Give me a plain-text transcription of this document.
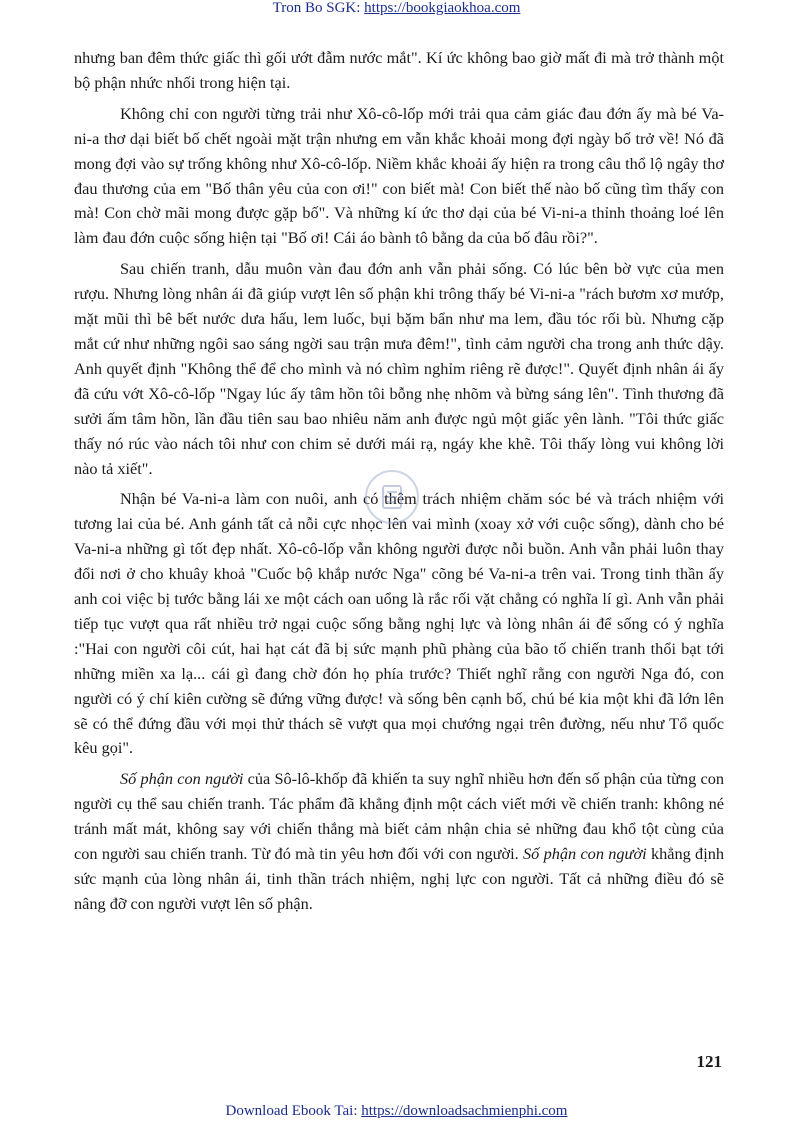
Tron Bo SGK: https://bookgiaokhoa.com

nhưng ban đêm thức giấc thì gối ướt đẫm nước mắt". Kí ức không bao giờ mất đi mà trở thành một bộ phận nhức nhối trong hiện tại.

Không chỉ con người từng trải như Xô-cô-lốp mới trải qua cảm giác đau đớn ấy mà bé Va-ni-a thơ dại biết bố chết ngoài mặt trận nhưng em vẫn khắc khoải mong đợi ngày bố trở về! Nó đã mong đợi vào sự trống không như Xô-cô-lốp. Niềm khắc khoải ấy hiện ra trong câu thổ lộ ngây thơ đau thương của em "Bố thân yêu của con ơi!" con biết mà! Con biết thế nào bố cũng tìm thấy con mà! Con chờ mãi mong được gặp bố". Và những kí ức thơ dại của bé Vi-ni-a thỉnh thoảng loé lên làm đau đớn cuộc sống hiện tại "Bố ơi! Cái áo bành tô bằng da của bố đâu rồi?".

Sau chiến tranh, dẫu muôn vàn đau đớn anh vẫn phải sống. Có lúc bên bờ vực của men rượu. Nhưng lòng nhân ái đã giúp vượt lên số phận khi trông thấy bé Vi-ni-a "rách bươm xơ mướp, mặt mũi thì bê bết nước dưa hấu, lem luốc, bụi bặm bẩn như ma lem, đầu tóc rối bù. Nhưng cặp mắt cứ như những ngôi sao sáng ngời sau trận mưa đêm!", tình cảm người cha trong anh thức dậy. Anh quyết định "Không thể để cho mình và nó chìm nghỉm riêng rẽ được!". Quyết định nhân ái ấy đã cứu vớt Xô-cô-lốp "Ngay lúc ấy tâm hồn tôi bỗng nhẹ nhõm và bừng sáng lên". Tình thương đã sưởi ấm tâm hồn, lần đầu tiên sau bao nhiêu năm anh được ngủ một giấc yên lành. "Tôi thức giấc thấy nó rúc vào nách tôi như con chim sẻ dưới mái rạ, ngáy khe khẽ. Tôi thấy lòng vui không lời nào tả xiết".

Nhận bé Va-ni-a làm con nuôi, anh có thêm trách nhiệm chăm sóc bé và trách nhiệm với tương lai của bé. Anh gánh tất cả nỗi cực nhọc lên vai mình (xoay xở với cuộc sống), dành cho bé Va-ni-a những gì tốt đẹp nhất. Xô-cô-lốp vẫn không người được nỗi buồn. Anh vẫn phải luôn thay đổi nơi ở cho khuây khoả "Cuốc bộ khắp nước Nga" cõng bé Va-ni-a trên vai. Trong tinh thần ấy anh coi việc bị tước bằng lái xe một cách oan uổng là rắc rối vặt chẳng có nghĩa lí gì. Anh vẫn phải tiếp tục vượt qua rất nhiều trở ngại cuộc sống bằng nghị lực và lòng nhân ái để sống có ý nghĩa :"Hai con người côi cút, hai hạt cát đã bị sức mạnh phũ phàng của bão tố chiến tranh thổi bạt tới những miền xa lạ... cái gì đang chờ đón họ phía trước? Thiết nghĩ rằng con người Nga đó, con người có ý chí kiên cường sẽ đứng vững được! và sống bên cạnh bố, chú bé kia một khi đã lớn lên sẽ có thể đứng đầu với mọi thử thách sẽ vượt qua mọi chướng ngại trên đường, nếu như Tổ quốc kêu gọi".

Số phận con người của Sô-lô-khốp đã khiến ta suy nghĩ nhiều hơn đến số phận của từng con người cụ thể sau chiến tranh. Tác phẩm đã khẳng định một cách viết mới về chiến tranh: không né tránh mất mát, không say với chiến thắng mà biết cảm nhận chia sẻ những đau khổ tột cùng của con người sau chiến tranh. Từ đó mà tin yêu hơn đối với con người. Số phận con người khẳng định sức mạnh của lòng nhân ái, tinh thần trách nhiệm, nghị lực con người. Tất cả những điều đó sẽ nâng đỡ con người vượt lên số phận.

121
Download Ebook Tai: https://downloadsachmienphi.com
